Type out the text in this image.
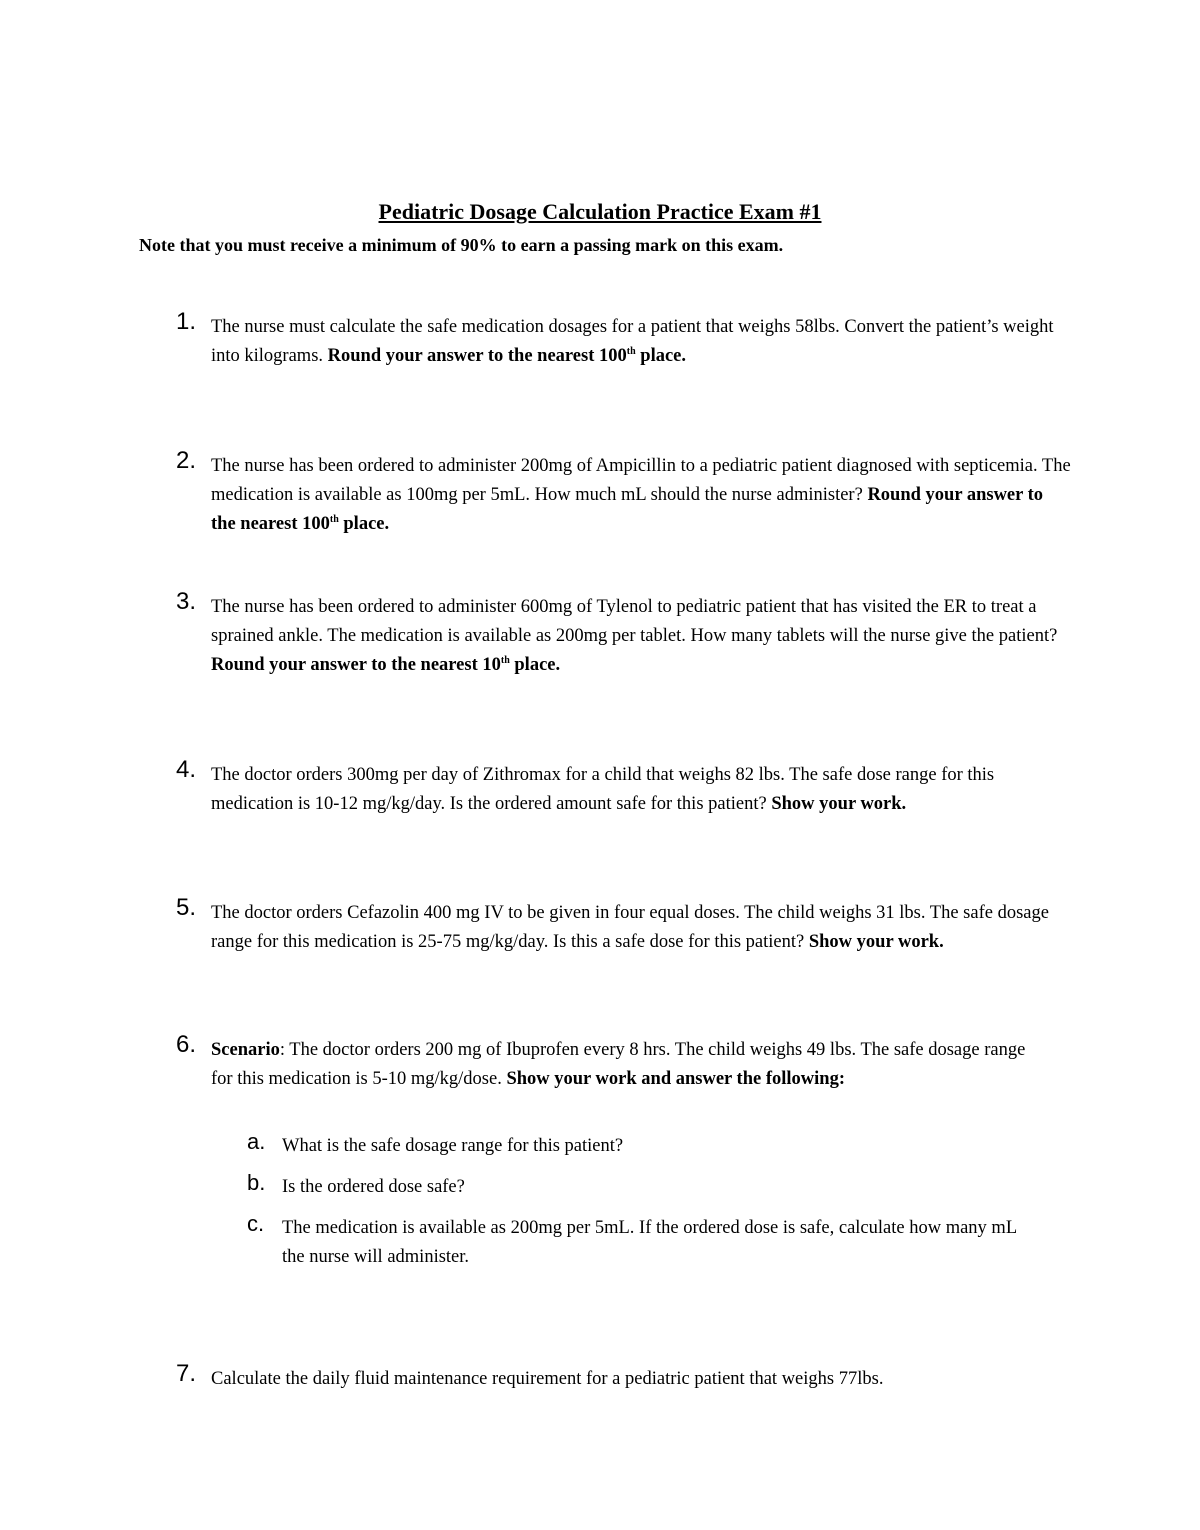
Pediatric Dosage Calculation Practice Exam #1
Note that you must receive a minimum of 90% to earn a passing mark on this exam.
1. The nurse must calculate the safe medication dosages for a patient that weighs 58lbs. Convert the patient’s weight into kilograms. Round your answer to the nearest 100th place.
2. The nurse has been ordered to administer 200mg of Ampicillin to a pediatric patient diagnosed with septicemia. The medication is available as 100mg per 5mL. How much mL should the nurse administer? Round your answer to the nearest 100th place.
3. The nurse has been ordered to administer 600mg of Tylenol to pediatric patient that has visited the ER to treat a sprained ankle. The medication is available as 200mg per tablet. How many tablets will the nurse give the patient? Round your answer to the nearest 10th place.
4. The doctor orders 300mg per day of Zithromax for a child that weighs 82 lbs. The safe dose range for this medication is 10-12 mg/kg/day. Is the ordered amount safe for this patient? Show your work.
5. The doctor orders Cefazolin 400 mg IV to be given in four equal doses. The child weighs 31 lbs. The safe dosage range for this medication is 25-75 mg/kg/day. Is this a safe dose for this patient? Show your work.
6. Scenario: The doctor orders 200 mg of Ibuprofen every 8 hrs. The child weighs 49 lbs. The safe dosage range for this medication is 5-10 mg/kg/dose. Show your work and answer the following:
a. What is the safe dosage range for this patient?
b. Is the ordered dose safe?
c. The medication is available as 200mg per 5mL. If the ordered dose is safe, calculate how many mL the nurse will administer.
7. Calculate the daily fluid maintenance requirement for a pediatric patient that weighs 77lbs.
